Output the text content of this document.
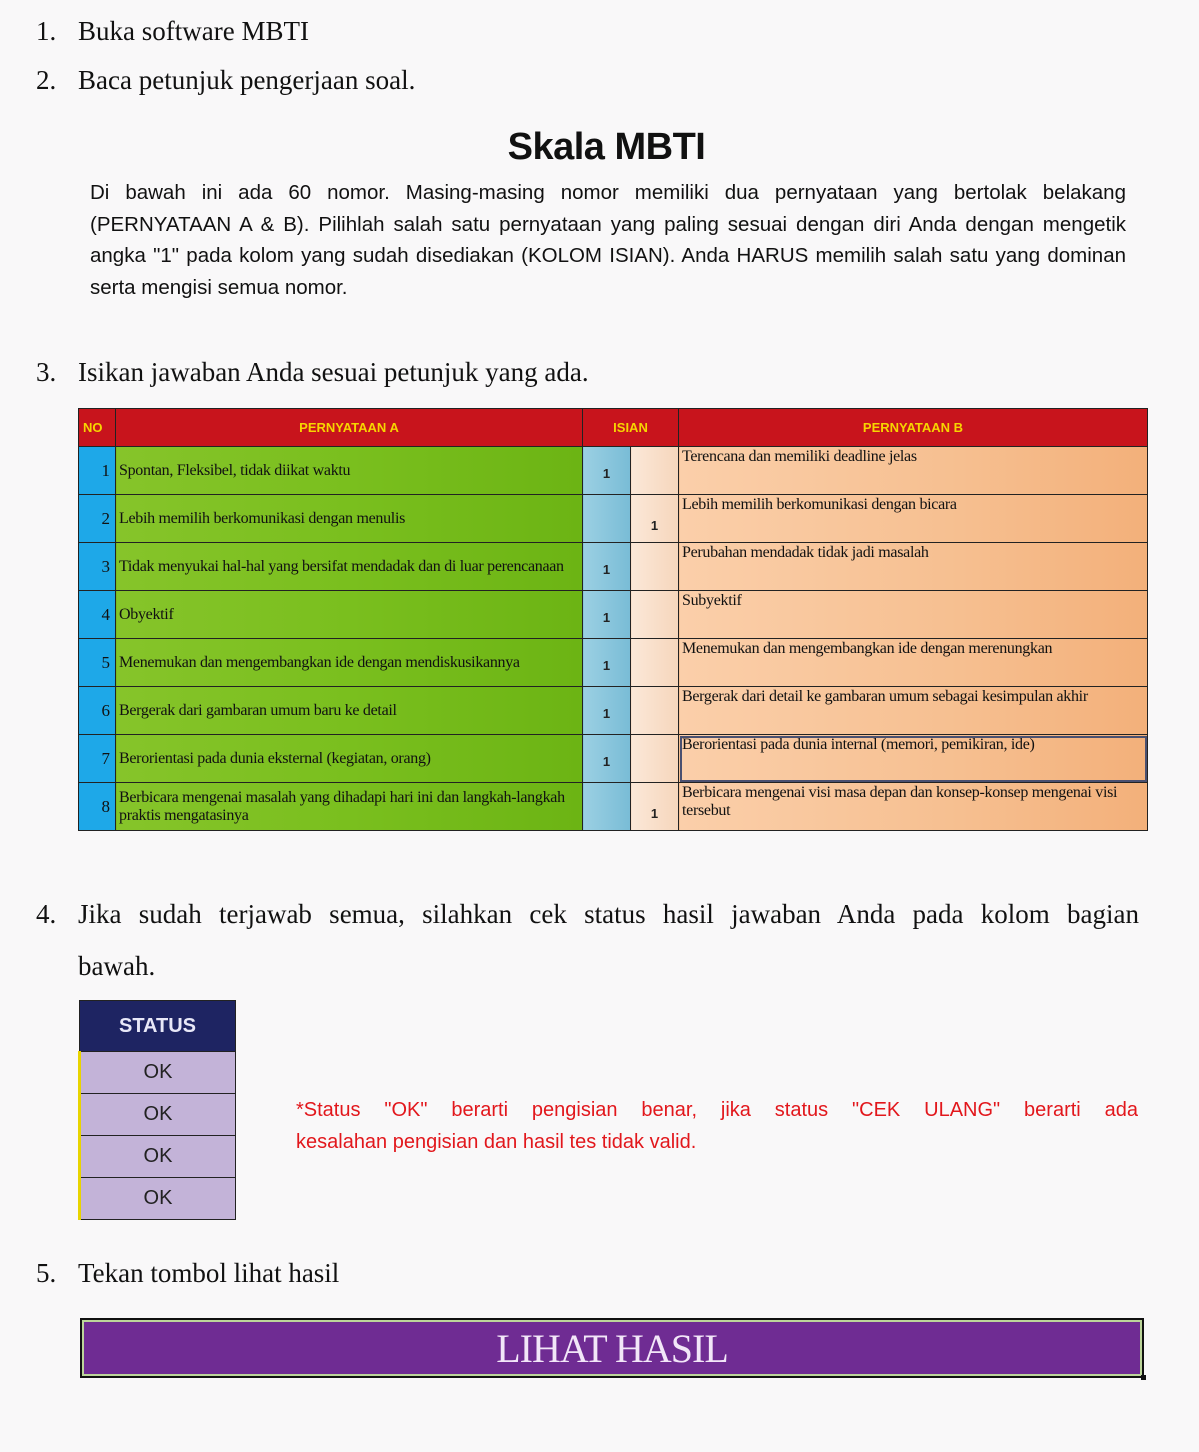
1. Buka software MBTI
2. Baca petunjuk pengerjaan soal.
Skala MBTI
Di bawah ini ada 60 nomor. Masing-masing nomor memiliki dua pernyataan yang bertolak belakang (PERNYATAAN A & B). Pilihlah salah satu pernyataan yang paling sesuai dengan diri Anda dengan mengetik angka "1" pada kolom yang sudah disediakan (KOLOM ISIAN). Anda HARUS memilih salah satu yang dominan serta mengisi semua nomor.
3. Isikan jawaban Anda sesuai petunjuk yang ada.
NO	PERNYATAAN A	ISIAN		PERNYATAAN B
1	Spontan, Fleksibel, tidak diikat waktu	1		Terencana dan memiliki deadline jelas
2	Lebih memilih berkomunikasi dengan menulis		1	Lebih memilih berkomunikasi dengan bicara
3	Tidak menyukai hal-hal yang bersifat mendadak dan di luar perencanaan	1		Perubahan mendadak tidak jadi masalah
4	Obyektif	1		Subyektif
5	Menemukan dan mengembangkan ide dengan mendiskusikannya	1		Menemukan dan mengembangkan ide dengan merenungkan
6	Bergerak dari gambaran umum baru ke detail	1		Bergerak dari detail ke gambaran umum sebagai kesimpulan akhir
7	Berorientasi pada dunia eksternal (kegiatan, orang)	1		Berorientasi pada dunia internal (memori, pemikiran, ide)
8	Berbicara mengenai masalah yang dihadapi hari ini dan langkah-langkah praktis mengatasinya		1	Berbicara mengenai visi masa depan dan konsep-konsep mengenai visi tersebut
4. Jika sudah terjawab semua, silahkan cek status hasil jawaban Anda pada kolom bagian
bawah.
STATUS
OK
OK
OK
OK
*Status "OK" berarti pengisian benar, jika status "CEK ULANG" berarti ada
kesalahan pengisian dan hasil tes tidak valid.
5. Tekan tombol lihat hasil
LIHAT HASIL
